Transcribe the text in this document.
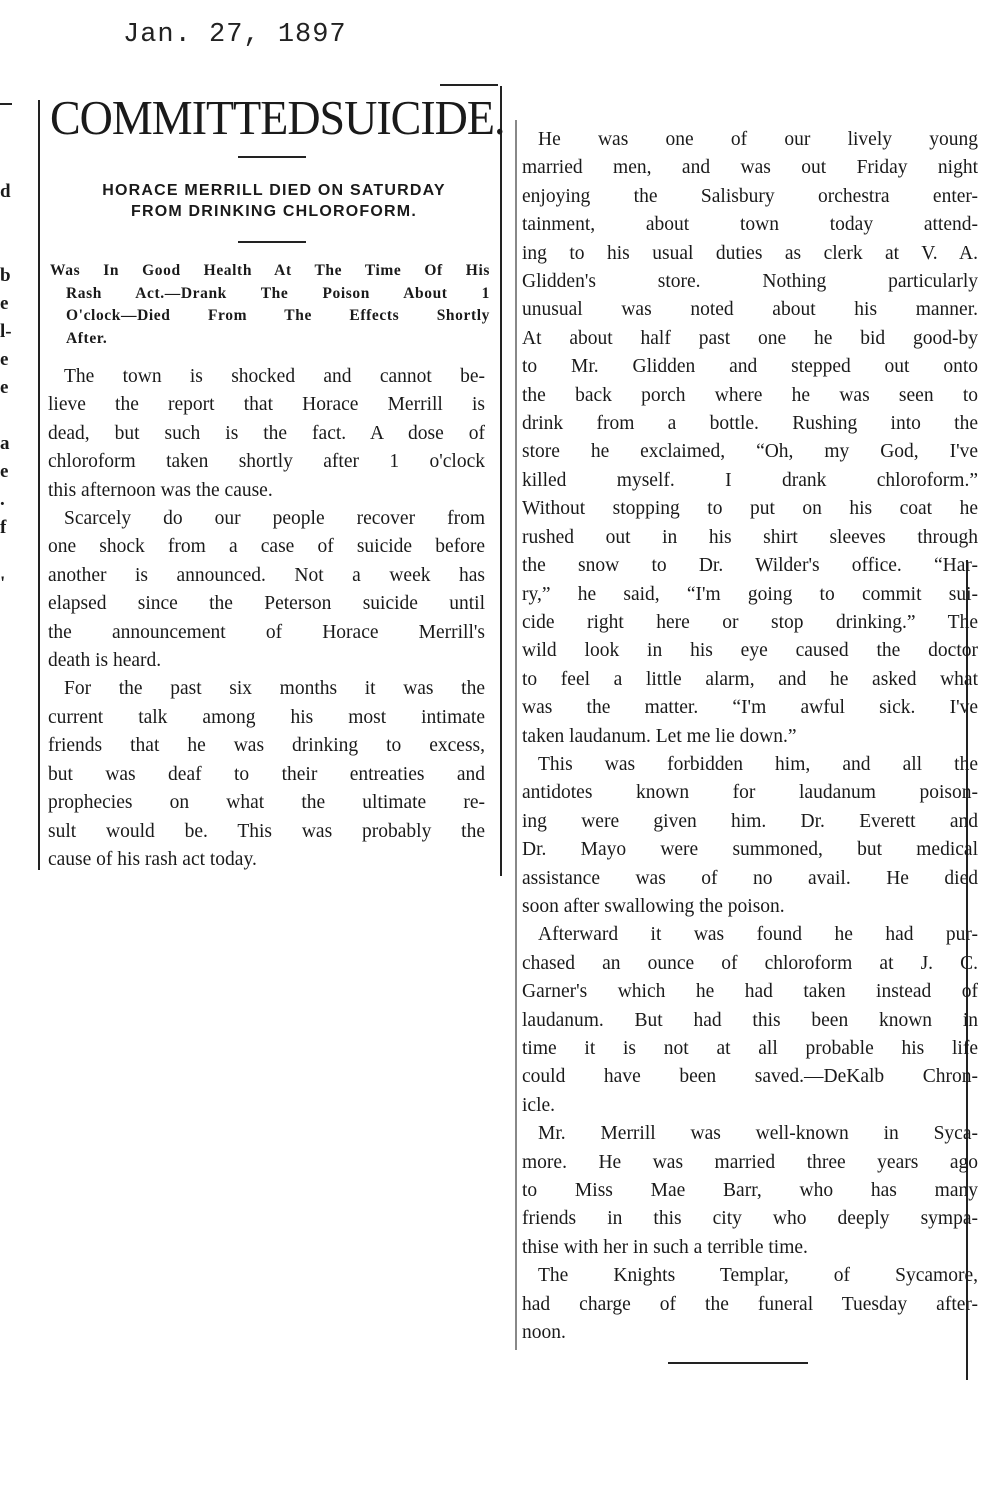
Jan. 27, 1897
d

b
e
l-
e
e

a
e
.
f

'
COMMITTED SUICIDE.
HORACE MERRILL DIED ON SATURDAY
FROM DRINKING CHLOROFORM.
Was In Good Health At The Time Of His
Rash Act.—Drank The Poison About 1
O'clock—Died From The Effects Shortly
After.
The town is shocked and cannot be-
lieve the report that Horace Merrill is
dead, but such is the fact. A dose of
chloroform taken shortly after 1 o'clock
this afternoon was the cause.
Scarcely do our people recover from
one shock from a case of suicide before
another is announced. Not a week has
elapsed since the Peterson suicide until
the announcement of Horace Merrill's
death is heard.
For the past six months it was the
current talk among his most intimate
friends that he was drinking to excess,
but was deaf to their entreaties and
prophecies on what the ultimate re-
sult would be. This was probably the
cause of his rash act today.
He was one of our lively young
married men, and was out Friday night
enjoying the Salisbury orchestra enter-
tainment, about town today attend-
ing to his usual duties as clerk at V. A.
Glidden's store. Nothing particularly
unusual was noted about his manner.
At about half past one he bid good-by
to Mr. Glidden and stepped out onto
the back porch where he was seen to
drink from a bottle. Rushing into the
store he exclaimed, “Oh, my God, I've
killed myself. I drank chloroform.”
Without stopping to put on his coat he
rushed out in his shirt sleeves through
the snow to Dr. Wilder's office. “Har-
ry,” he said, “I'm going to commit sui-
cide right here or stop drinking.” The
wild look in his eye caused the doctor
to feel a little alarm, and he asked what
was the matter. “I'm awful sick. I've
taken laudanum. Let me lie down.”
This was forbidden him, and all the
antidotes known for laudanum poison-
ing were given him. Dr. Everett and
Dr. Mayo were summoned, but medical
assistance was of no avail. He died
soon after swallowing the poison.
Afterward it was found he had pur-
chased an ounce of chloroform at J. C.
Garner's which he had taken instead of
laudanum. But had this been known in
time it is not at all probable his life
could have been saved.—DeKalb Chron-
icle.
Mr. Merrill was well-known in Syca-
more. He was married three years ago
to Miss Mae Barr, who has many
friends in this city who deeply sympa-
thise with her in such a terrible time.
The Knights Templar, of Sycamore,
had charge of the funeral Tuesday after-
noon.
